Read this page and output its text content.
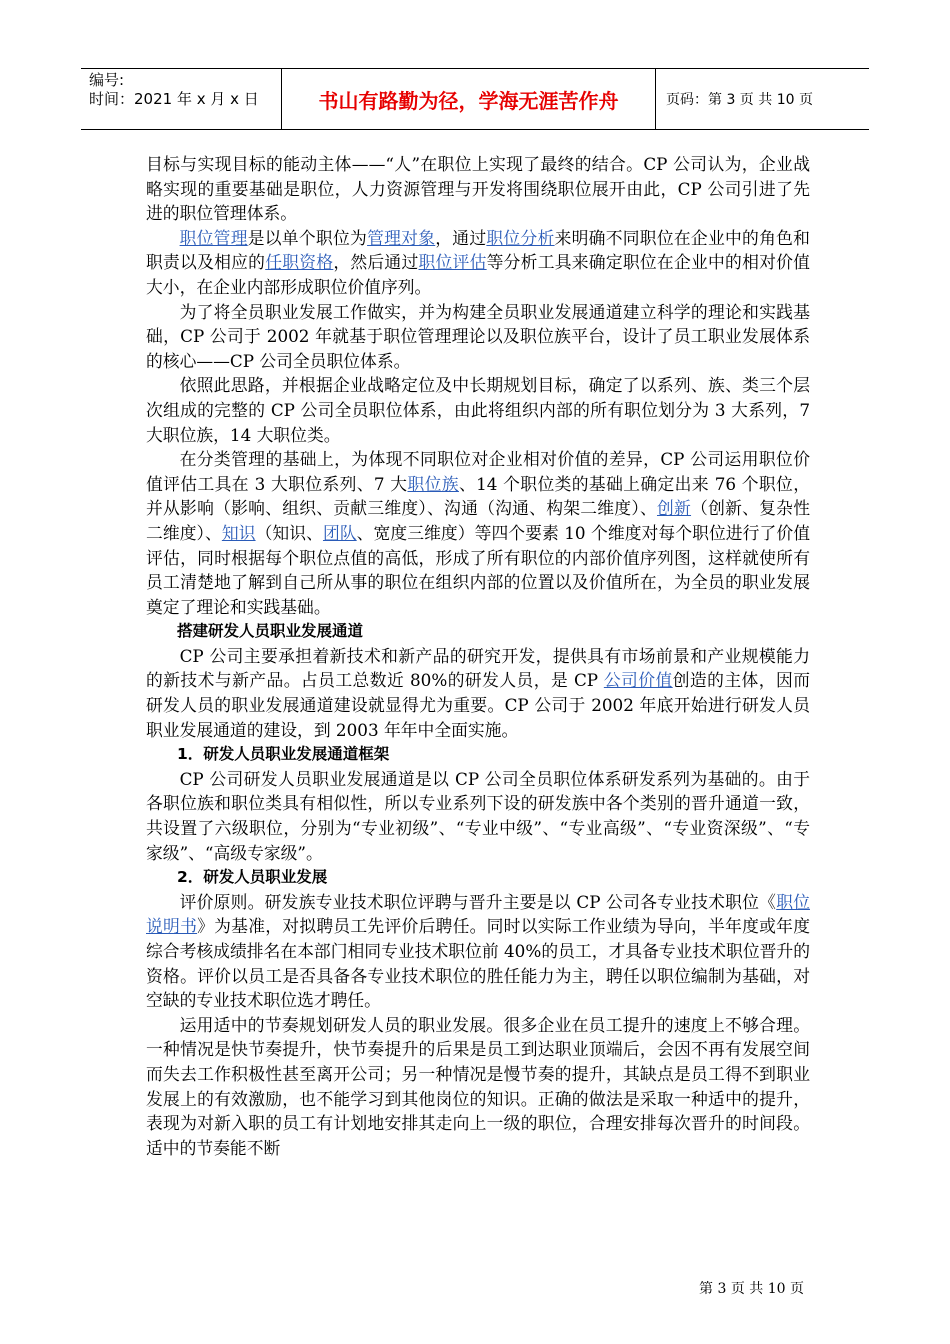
编号:
时间：2021 年 x 月 x 日	书山有路勤为径，学海无涯苦作舟	页码：第 3 页 共 10 页

目标与实现目标的能动主体——“人”在职位上实现了最终的结合。CP 公司认为，企业战略实现的重要基础是职位，人力资源管理与开发将围绕职位展开由此，CP 公司引进了先进的职位管理体系。

职位管理是以单个职位为管理对象，通过职位分析来明确不同职位在企业中的角色和职责以及相应的任职资格，然后通过职位评估等分析工具来确定职位在企业中的相对价值大小，在企业内部形成职位价值序列。

为了将全员职业发展工作做实，并为构建全员职业发展通道建立科学的理论和实践基础，CP 公司于 2002 年就基于职位管理理论以及职位族平台，设计了员工职业发展体系的核心——CP 公司全员职位体系。

依照此思路，并根据企业战略定位及中长期规划目标，确定了以系列、族、类三个层次组成的完整的 CP 公司全员职位体系，由此将组织内部的所有职位划分为 3 大系列，7 大职位族，14 大职位类。

在分类管理的基础上，为体现不同职位对企业相对价值的差异，CP 公司运用职位价值评估工具在 3 大职位系列、7 大职位族、14 个职位类的基础上确定出来 76 个职位，并从影响（影响、组织、贡献三维度）、沟通（沟通、构架二维度）、创新（创新、复杂性二维度）、知识（知识、团队、宽度三维度）等四个要素 10 个维度对每个职位进行了价值评估，同时根据每个职位点值的高低，形成了所有职位的内部价值序列图，这样就使所有员工清楚地了解到自己所从事的职位在组织内部的位置以及价值所在，为全员的职业发展奠定了理论和实践基础。

搭建研发人员职业发展通道

CP 公司主要承担着新技术和新产品的研究开发，提供具有市场前景和产业规模能力的新技术与新产品。占员工总数近 80%的研发人员，是 CP 公司价值创造的主体，因而研发人员的职业发展通道建设就显得尤为重要。CP 公司于 2002 年底开始进行研发人员职业发展通道的建设，到 2003 年年中全面实施。

1．研发人员职业发展通道框架

CP 公司研发人员职业发展通道是以 CP 公司全员职位体系研发系列为基础的。由于各职位族和职位类具有相似性，所以专业系列下设的研发族中各个类别的晋升通道一致，共设置了六级职位，分别为“专业初级”、“专业中级”、“专业高级”、“专业资深级”、“专家级”、“高级专家级”。

2．研发人员职业发展

评价原则。研发族专业技术职位评聘与晋升主要是以 CP 公司各专业技术职位《职位说明书》为基准，对拟聘员工先评价后聘任。同时以实际工作业绩为导向，半年度或年度综合考核成绩排名在本部门相同专业技术职位前 40%的员工，才具备专业技术职位晋升的资格。评价以员工是否具备各专业技术职位的胜任能力为主，聘任以职位编制为基础，对空缺的专业技术职位选才聘任。

运用适中的节奏规划研发人员的职业发展。很多企业在员工提升的速度上不够合理。一种情况是快节奏提升，快节奏提升的后果是员工到达职业顶端后，会因不再有发展空间而失去工作积极性甚至离开公司；另一种情况是慢节奏的提升，其缺点是员工得不到职业发展上的有效激励，也不能学习到其他岗位的知识。正确的做法是采取一种适中的提升，表现为对新入职的员工有计划地安排其走向上一级的职位，合理安排每次晋升的时间段。适中的节奏能不断

第 3 页 共 10 页
